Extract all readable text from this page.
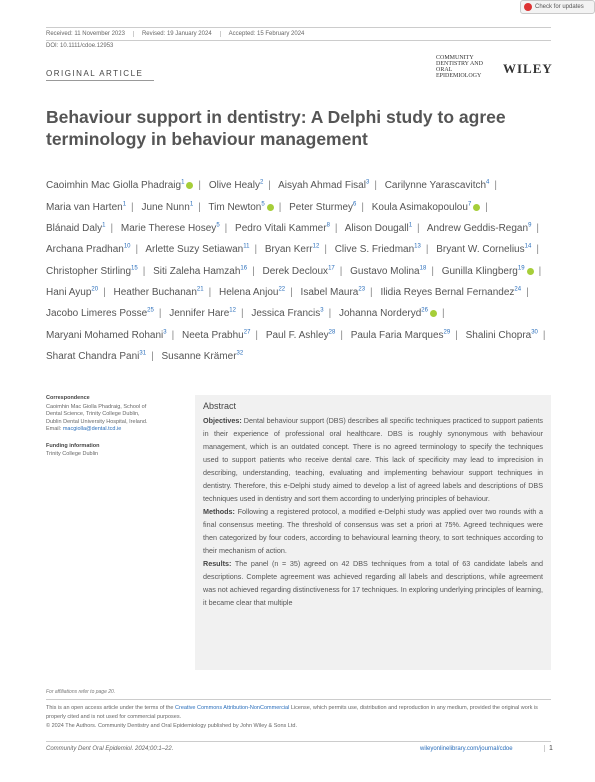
Check for updates
Received: 11 November 2023	Revised: 19 January 2024	Accepted: 15 February 2024
DOI: 10.1111/cdoe.12953
ORIGINAL ARTICLE
COMMUNITY
DENTISTRY AND
ORAL EPIDEMIOLOGY	WILEY
Behaviour support in dentistry: A Delphi study to agree terminology in behaviour management
Caoimhin Mac Giolla Phadraig$^1$ | Olive Healy$^2$ | Aisyah Ahmad Fisal$^3$ | Carilynne Yarascavitch$^4$ | Maria van Harten$^1$ | June Nunn$^1$ | Tim Newton$^5$ | Peter Sturmey$^6$ | Koula Asimakopoulou$^7$ | Blánaid Daly$^1$ | Marie Therese Hosey$^5$ | Pedro Vitali Kammer$^8$ | Alison Dougall$^1$ | Andrew Geddis-Regan$^9$ | Archana Pradhan$^{10}$ | Arlette Suzy Setiawan$^{11}$ | Bryan Kerr$^{12}$ | Clive S. Friedman$^{13}$ | Bryant W. Cornelius$^{14}$ | Christopher Stirling$^{15}$ | Siti Zaleha Hamzah$^{16}$ | Derek Decloux$^{17}$ | Gustavo Molina$^{18}$ | Gunilla Klingberg$^{19}$ | Hani Ayup$^{20}$ | Heather Buchanan$^{21}$ | Helena Anjou$^{22}$ | Isabel Maura$^{23}$ | Ilidia Reyes Bernal Fernandez$^{24}$ | Jacobo Limeres Posse$^{25}$ | Jennifer Hare$^{12}$ | Jessica Francis$^3$ | Johanna Norderyd$^{26}$ | Maryani Mohamed Rohani$^3$ | Neeta Prabhu$^{27}$ | Paul F. Ashley$^{28}$ | Paula Faria Marques$^{29}$ | Shalini Chopra$^{30}$ | Sharat Chandra Pani$^{31}$ | Susanne Krämer$^{32}$
Correspondence
Caoimhin Mac Giolla Phadraig, School of
Dental Science, Trinity College Dublin,
Dublin Dental University Hospital, Ireland.
Email: macgiolla@dental.tcd.ie
Funding information
Trinity College Dublin
Abstract

Objectives: Dental behaviour support (DBS) describes all specific techniques practiced to support patients in their experience of professional oral healthcare. DBS is roughly synonymous with behaviour management, which is an outdated concept. There is no agreed terminology to specify the techniques used to support patients who receive dental care. This lack of specificity may lead to imprecision in describing, understanding, teaching, evaluating and implementing behaviour support techniques in dentistry. Therefore, this e-Delphi study aimed to develop a list of agreed labels and descriptions of DBS techniques used in dentistry and sort them according to underlying principles of behaviour.

Methods: Following a registered protocol, a modified e-Delphi study was applied over two rounds with a final consensus meeting. The threshold of consensus was set a priori at 75%. Agreed techniques were then categorized by four coders, according to behavioural learning theory, to sort techniques according to their mechanism of action.

Results: The panel (n = 35) agreed on 42 DBS techniques from a total of 63 candidate labels and descriptions. Complete agreement was achieved regarding all labels and descriptions, while agreement was not achieved regarding distinctiveness for 17 techniques. In exploring underlying principles of learning, it became clear that multiple

For affiliations refer to page 20.
This is an open access article under the terms of the Creative Commons Attribution-NonCommercial License, which permits use, distribution and reproduction in any medium, provided the original work is properly cited and is not used for commercial purposes.
© 2024 The Authors. Community Dentistry and Oral Epidemiology published by John Wiley & Sons Ltd.
Community Dent Oral Epidemiol. 2024;00:1–22.	wileyonlinelibrary.com/journal/cdoe	1
